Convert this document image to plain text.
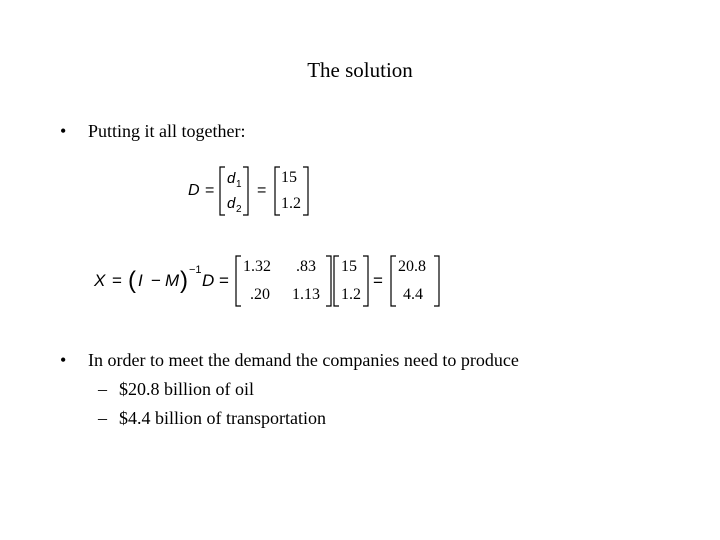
The solution
• Putting it all together:
D =
d 1
d 2
=
15
1.2
X = ( I − M ) −1
D =
1.32 .83
.20 1.13
15
1.2
=
20.8
4.4
• In order to meet the demand the companies need to produce
– $20.8 billion of oil
– $4.4 billion of transportation
